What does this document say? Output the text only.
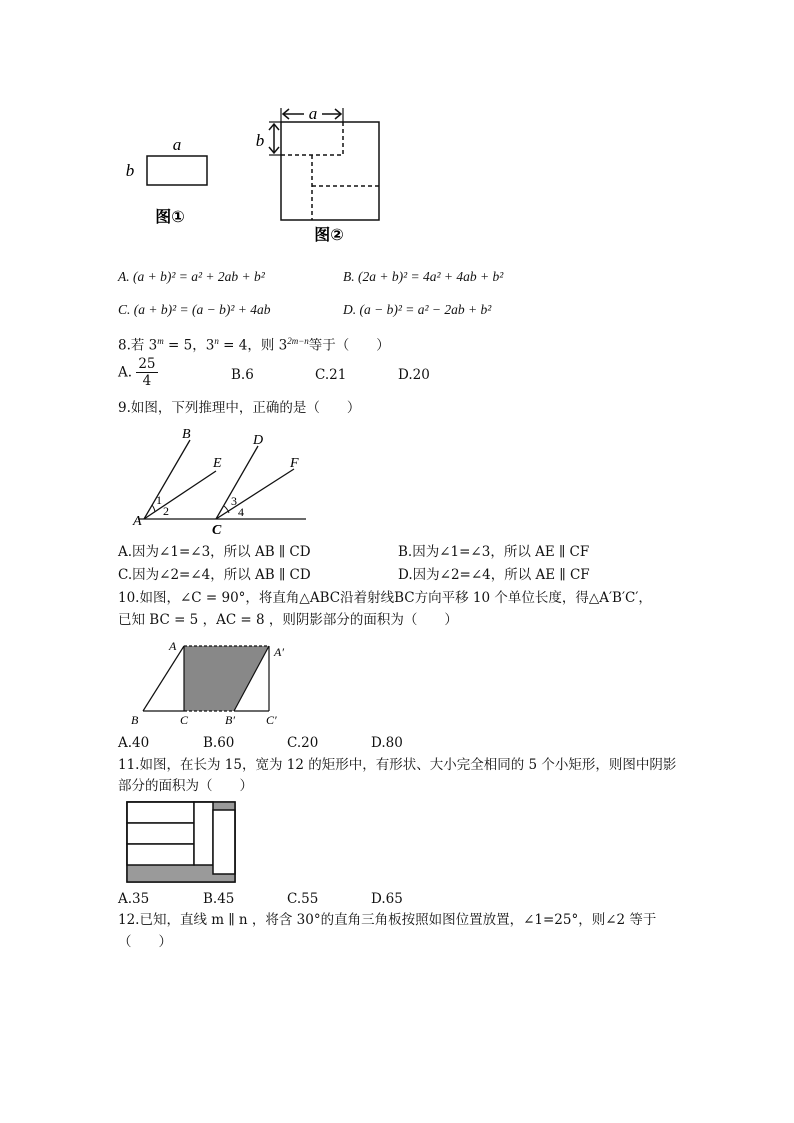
a
b
图①
a
b
图②
A. (a + b)² = a² + 2ab + b²	B. (2a + b)² = 4a² + 4ab + b²
C. (a + b)² = (a − b)² + 4ab	D. (a − b)² = a² − 2ab + b²
8.若 $3^m = 5$，$3^n = 4$，则 $3^{2m-n}$等于（　　）
A. $\frac{25}{4}$	B.6	C.21	D.20
9.如图，下列推理中，正确的是（　　）
B
E
D
F
A
C
1
2
3
4
A.因为∠1=∠3，所以 AB ∥ CD	B.因为∠1=∠3，所以 AE ∥ CF
C.因为∠2=∠4，所以 AB ∥ CD	D.因为∠2=∠4，所以 AE ∥ CF
10.如图，∠C = 90°，将直角△ABC沿着射线BC方向平移 10 个单位长度，得△A′B′C′，
已知 BC = 5 ，AC = 8 ，则阴影部分的面积为（　　）
A	A′
B	C	B′	C′
A.40	B.60	C.20	D.80
11.如图，在长为 15，宽为 12 的矩形中，有形状、大小完全相同的 5 个小矩形，则图中阴影
部分的面积为（　　）
A.35	B.45	C.55	D.65
12.已知，直线 m ∥ n ，将含 30°的直角三角板按照如图位置放置，∠1=25°，则∠2 等于
（　　）
